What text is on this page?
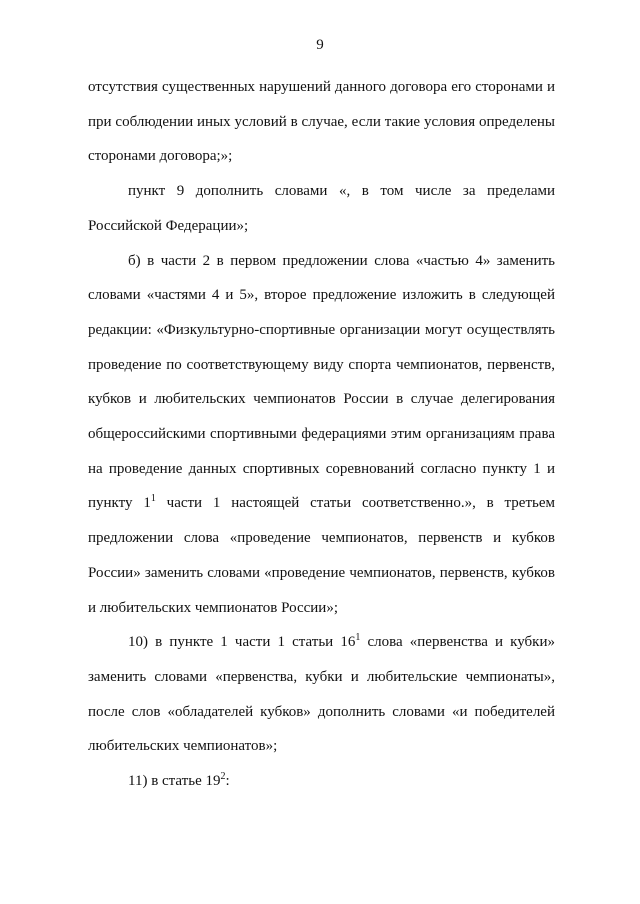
9

отсутствия существенных нарушений данного договора его сторонами и при соблюдении иных условий в случае, если такие условия определены сторонами договора;»;

пункт 9 дополнить словами «, в том числе за пределами Российской Федерации»;

б) в части 2 в первом предложении слова «частью 4» заменить словами «частями 4 и 5», второе предложение изложить в следующей редакции: «Физкультурно-спортивные организации могут осуществлять проведение по соответствующему виду спорта чемпионатов, первенств, кубков и любительских чемпионатов России в случае делегирования общероссийскими спортивными федерациями этим организациям права на проведение данных спортивных соревнований согласно пункту 1 и пункту $1^1$ части 1 настоящей статьи соответственно.», в третьем предложении слова «проведение чемпионатов, первенств и кубков России» заменить словами «проведение чемпионатов, первенств, кубков и любительских чемпионатов России»;

10) в пункте 1 части 1 статьи $16^1$ слова «первенства и кубки» заменить словами «первенства, кубки и любительские чемпионаты», после слов «обладателей кубков» дополнить словами «и победителей любительских чемпионатов»;

11) в статье $19^2$:
